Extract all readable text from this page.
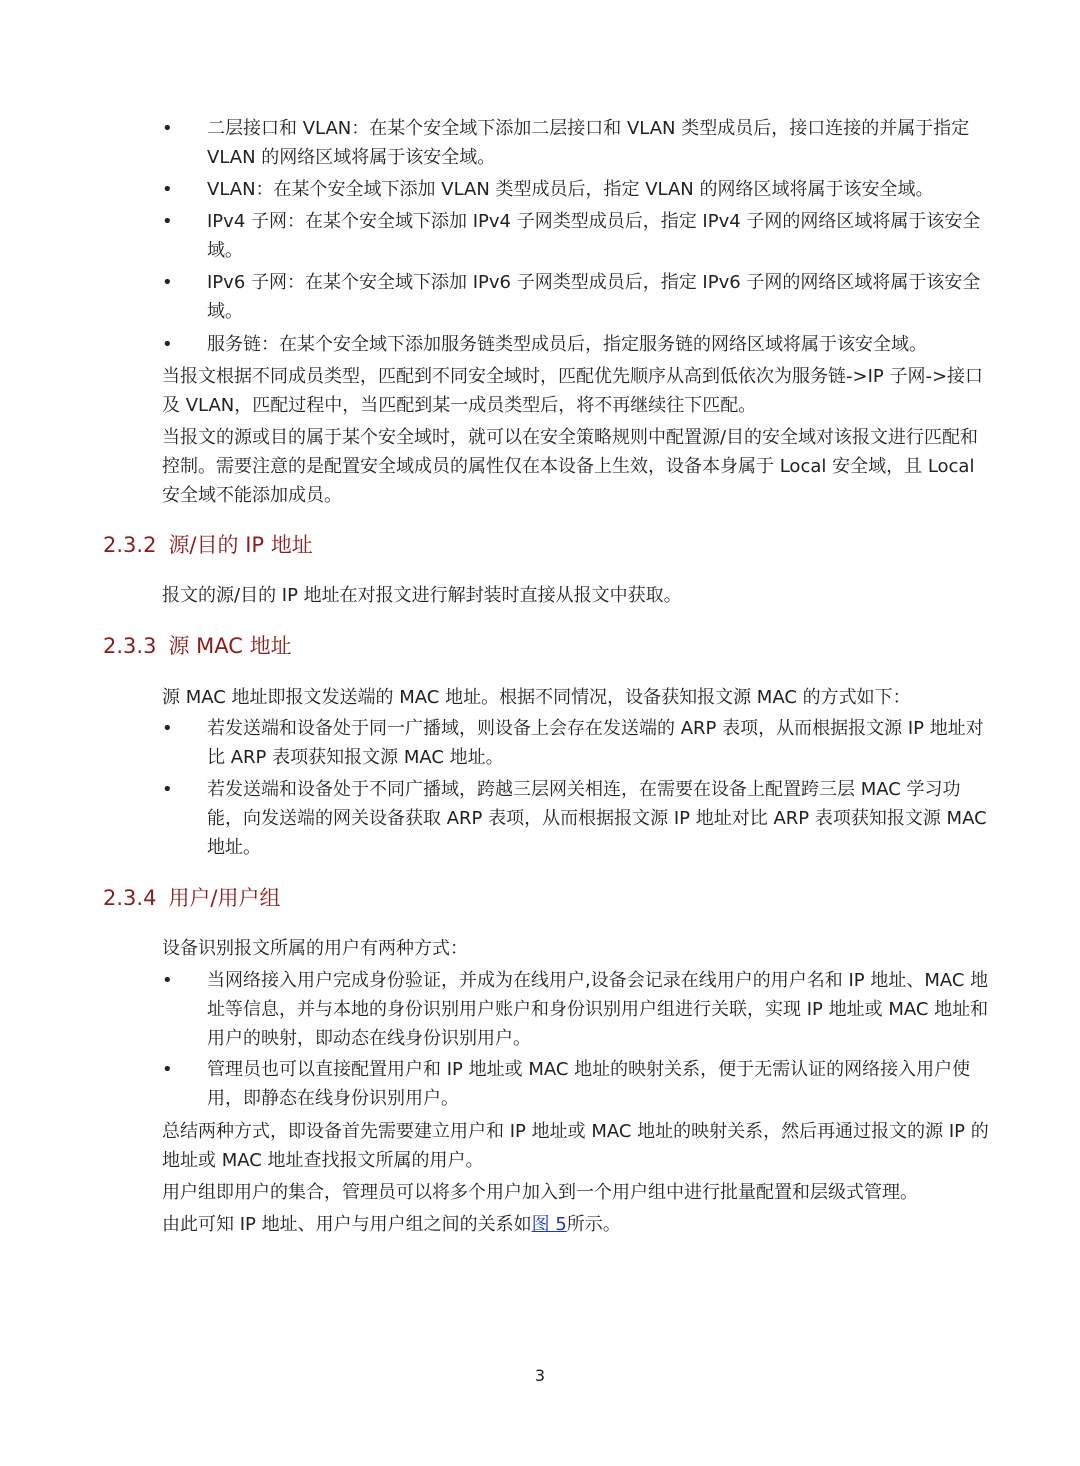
•	二层接口和 VLAN：在某个安全域下添加二层接口和 VLAN 类型成员后，接口连接的并属于指定 VLAN 的网络区域将属于该安全域。
•	VLAN：在某个安全域下添加 VLAN 类型成员后，指定 VLAN 的网络区域将属于该安全域。
•	IPv4 子网：在某个安全域下添加 IPv4 子网类型成员后，指定 IPv4 子网的网络区域将属于该安全域。
•	IPv6 子网：在某个安全域下添加 IPv6 子网类型成员后，指定 IPv6 子网的网络区域将属于该安全域。
•	服务链：在某个安全域下添加服务链类型成员后，指定服务链的网络区域将属于该安全域。

当报文根据不同成员类型，匹配到不同安全域时，匹配优先顺序从高到低依次为服务链->IP 子网->接口及 VLAN，匹配过程中，当匹配到某一成员类型后，将不再继续往下匹配。

当报文的源或目的属于某个安全域时，就可以在安全策略规则中配置源/目的安全域对该报文进行匹配和控制。需要注意的是配置安全域成员的属性仅在本设备上生效，设备本身属于 Local 安全域，且 Local 安全域不能添加成员。

2.3.2 源/目的 IP 地址

报文的源/目的 IP 地址在对报文进行解封装时直接从报文中获取。

2.3.3 源 MAC 地址

源 MAC 地址即报文发送端的 MAC 地址。根据不同情况，设备获知报文源 MAC 的方式如下：

•	若发送端和设备处于同一广播域，则设备上会存在发送端的 ARP 表项，从而根据报文源 IP 地址对比 ARP 表项获知报文源 MAC 地址。
•	若发送端和设备处于不同广播域，跨越三层网关相连，在需要在设备上配置跨三层 MAC 学习功能，向发送端的网关设备获取 ARP 表项，从而根据报文源 IP 地址对比 ARP 表项获知报文源 MAC 地址。
2.3.4 用户/用户组

设备识别报文所属的用户有两种方式：

•	当网络接入用户完成身份验证，并成为在线用户,设备会记录在线用户的用户名和 IP 地址、MAC 地址等信息，并与本地的身份识别用户账户和身份识别用户组进行关联，实现 IP 地址或 MAC 地址和用户的映射，即动态在线身份识别用户。
•	管理员也可以直接配置用户和 IP 地址或 MAC 地址的映射关系，便于无需认证的网络接入用户使用，即静态在线身份识别用户。

总结两种方式，即设备首先需要建立用户和 IP 地址或 MAC 地址的映射关系，然后再通过报文的源 IP 的地址或 MAC 地址查找报文所属的用户。

用户组即用户的集合，管理员可以将多个用户加入到一个用户组中进行批量配置和层级式管理。

由此可知 IP 地址、用户与用户组之间的关系如图 5所示。

3
